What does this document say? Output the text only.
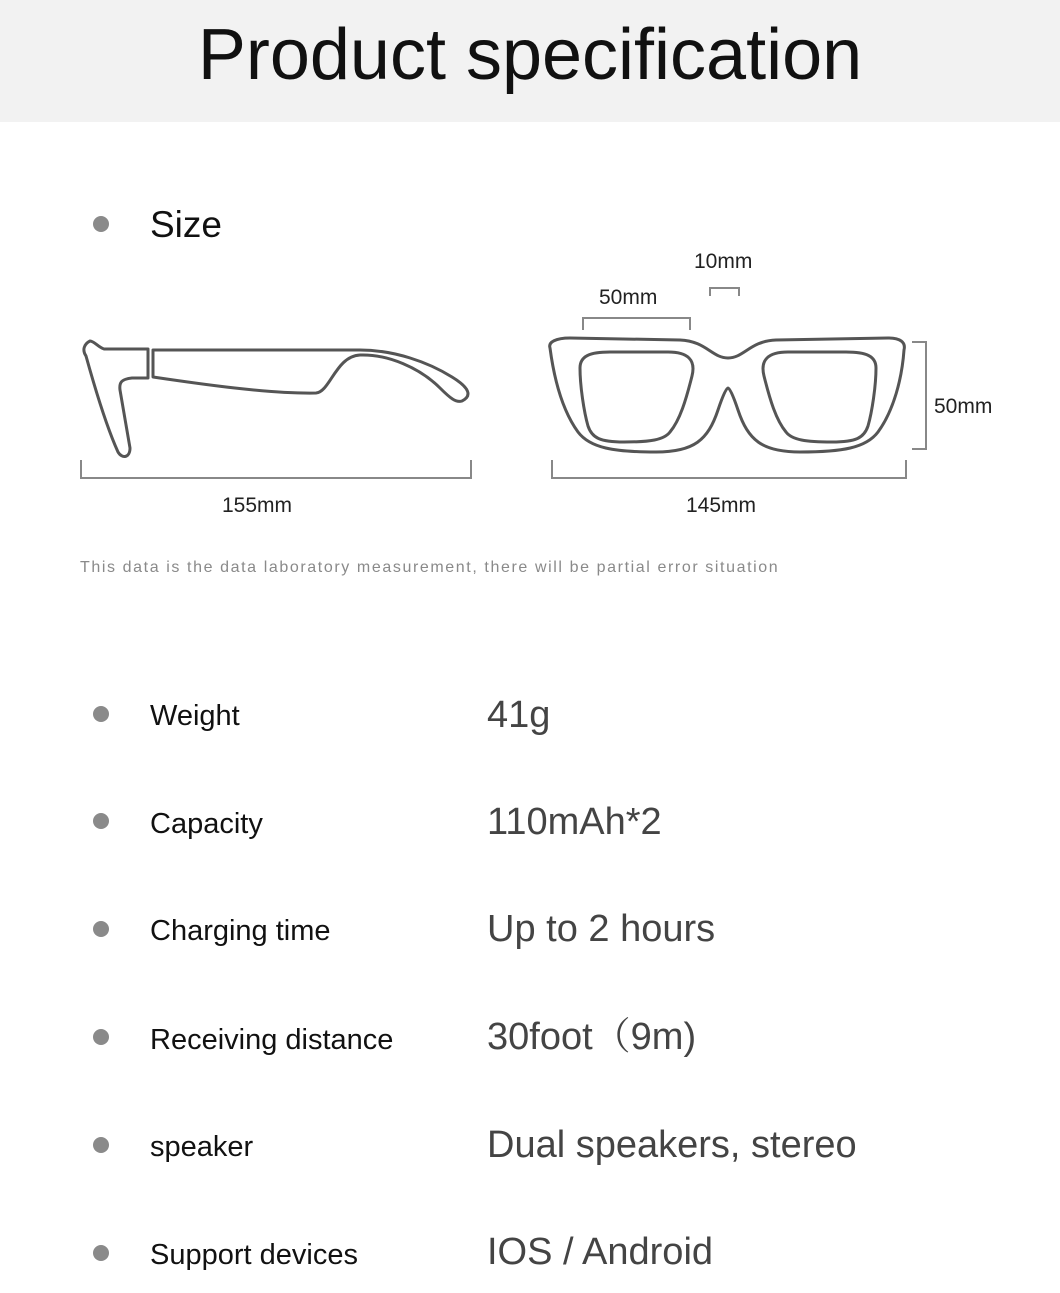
Product specification
Size
10mm
50mm
50mm
155mm	145mm
This data is the data laboratory measurement, there will be partial error situation
Weight	41g
Capacity	110mAh*2
Charging time	Up to 2 hours
Receiving distance 30foot（9m)
speaker	Dual speakers, stereo
Support devices	IOS / Android
